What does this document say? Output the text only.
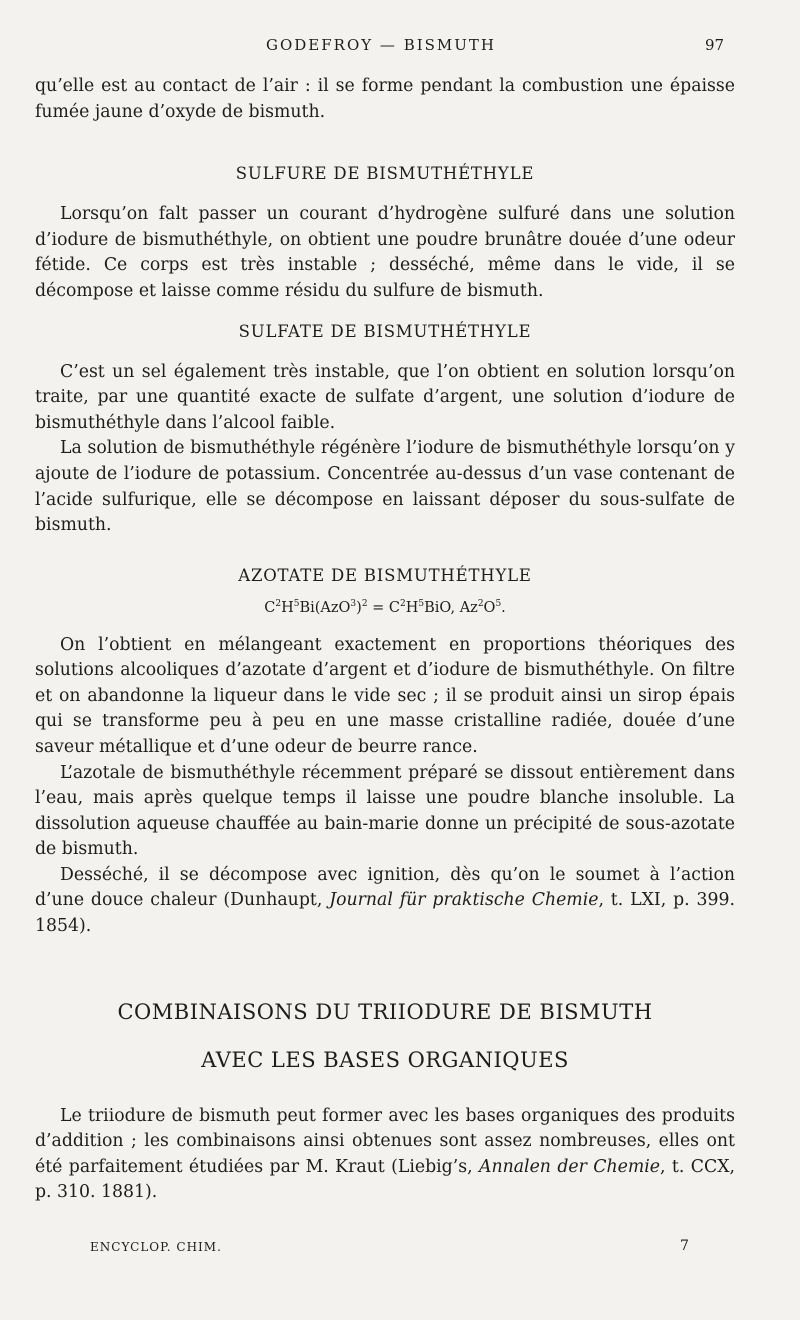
GODEFROY — BISMUTH	97

qu’elle est au contact de l’air : il se forme pendant la combustion une épaisse fumée jaune d’oxyde de bismuth.

SULFURE DE BISMUTHÉTHYLE

Lorsqu’on falt passer un courant d’hydrogène sulfuré dans une solution d’iodure de bismuthéthyle, on obtient une poudre brunâtre douée d’une odeur fétide. Ce corps est très instable ; desséché, même dans le vide, il se décompose et laisse comme résidu du sulfure de bismuth.

SULFATE DE BISMUTHÉTHYLE

C’est un sel également très instable, que l’on obtient en solution lorsqu’on traite, par une quantité exacte de sulfate d’argent, une solution d’iodure de bismuthéthyle dans l’alcool faible.

La solution de bismuthéthyle régénère l’iodure de bismuthéthyle lorsqu’on y ajoute de l’iodure de potassium. Concentrée au-dessus d’un vase contenant de l’acide sulfurique, elle se décompose en laissant déposer du sous-sulfate de bismuth.

AZOTATE DE BISMUTHÉTHYLE
$C^2H^5Bi(AzO^3)^2 = C^2H^5BiO$, $Az^2O^5$.

On l’obtient en mélangeant exactement en proportions théoriques des solutions alcooliques d’azotate d’argent et d’iodure de bismuthéthyle. On filtre et on abandonne la liqueur dans le vide sec ; il se produit ainsi un sirop épais qui se transforme peu à peu en une masse cristalline radiée, douée d’une saveur métallique et d’une odeur de beurre rance.

L’azotale de bismuthéthyle récemment préparé se dissout entièrement dans l’eau, mais après quelque temps il laisse une poudre blanche insoluble. La dissolution aqueuse chauffée au bain-marie donne un précipité de sous-azotate de bismuth.

Desséché, il se décompose avec ignition, dès qu’on le soumet à l’action d’une douce chaleur (Dunhaupt, Journal für praktische Chemie, t. LXI, p. 399. 1854).

COMBINAISONS DU TRIIODURE DE BISMUTH
AVEC LES BASES ORGANIQUES

Le triiodure de bismuth peut former avec les bases organiques des produits d’addition ; les combinaisons ainsi obtenues sont assez nombreuses, elles ont été parfaitement étudiées par M. Kraut (Liebig’s, Annalen der Chemie, t. CCX, p. 310. 1881).

ENCYCLOP. CHIM.	7
